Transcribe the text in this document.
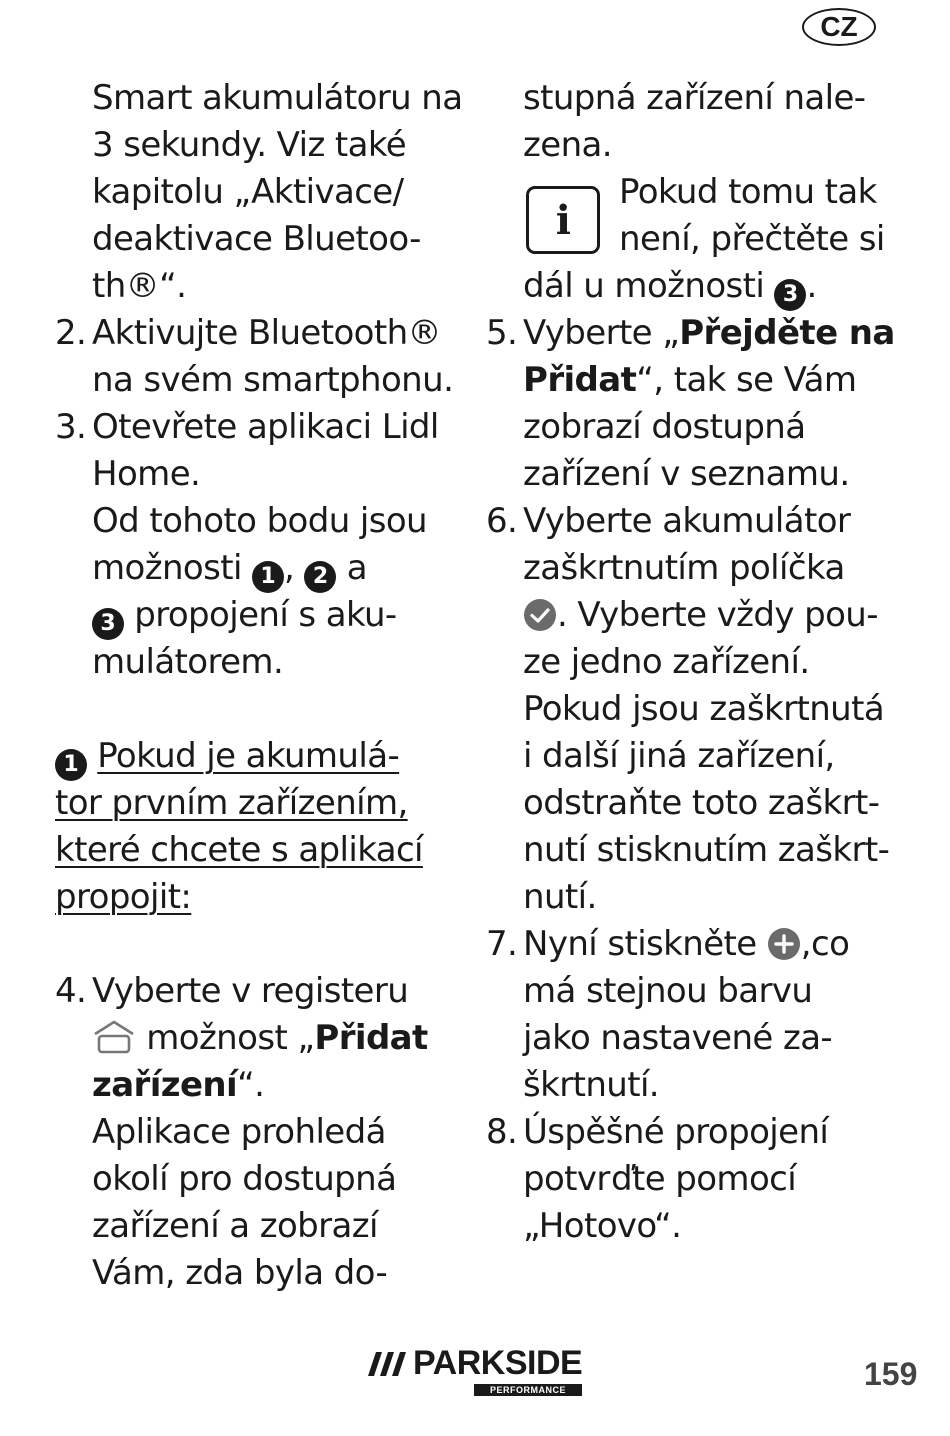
CZ
Smart akumulátoru na
3 sekundy. Viz také
kapitolu „Aktivace/
deaktivace Bluetoo-
th®“.
2. Aktivujte Bluetooth®
na svém smartphonu.
3. Otevřete aplikaci Lidl
Home.
Od tohoto bodu jsou
možnosti 1 , 2 a
3 propojení s aku-
mulátorem.
1 Pokud je akumulá-
tor prvním zařízením,
které chcete s aplikací
propojit:
4. Vyberte v registeru
možnost „Přidat
zařízení“.
Aplikace prohledá
okolí pro dostupná
zařízení a zobrazí
Vám, zda byla do-
stupná zařízení nale-
zena.
i
Pokud tomu tak
není, přečtěte si
dál u možnosti 3 .
5. Vyberte „Přejděte na
Přidat“, tak se Vám
zobrazí dostupná
zařízení v seznamu.
6. Vyberte akumulátor
zaškrtnutím políčka
. Vyberte vždy pou-
ze jedno zařízení.
Pokud jsou zaškrtnutá
i další jiná zařízení,
odstraňte toto zaškrt-
nutí stisknutím zaškrt-
nutí.
7. Nyní stiskněte ,co
má stejnou barvu
jako nastavené za-
škrtnutí.
8. Úspěšné propojení
potvrďte pomocí
„Hotovo“.
PARKSIDE
PERFORMANCE	159
